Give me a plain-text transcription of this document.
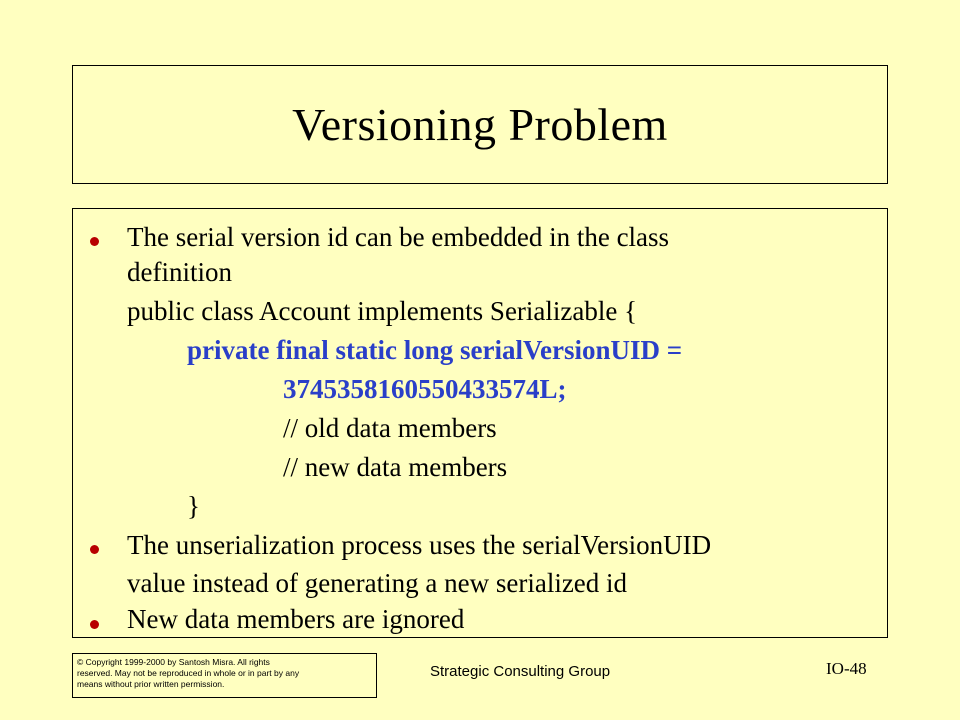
Versioning Problem
The serial version id can be embedded in the class
definition
public class Account implements Serializable {
private final static long serialVersionUID =
3745358160550433574L;
// old data members
// new data members
}
The unserialization process uses the serialVersionUID
value instead of generating a new serialized id
New data members are ignored
© Copyright 1999-2000 by Santosh Misra. All rights
reserved. May not be reproduced in whole or in part by any
means without prior written permission.
Strategic Consulting Group	IO-48
